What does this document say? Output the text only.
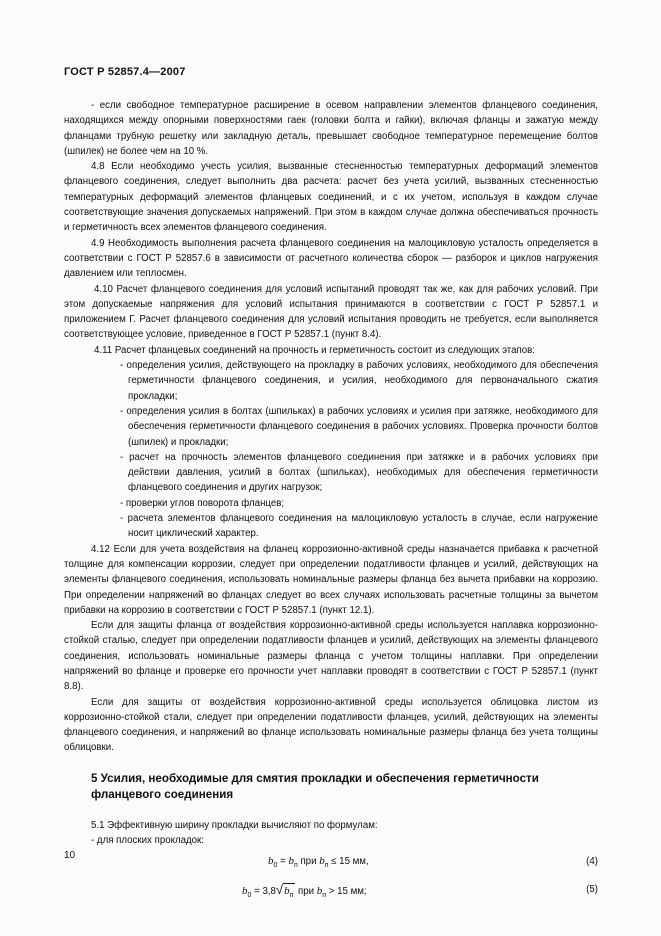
ГОСТ Р 52857.4—2007

- если свободное температурное расширение в осевом направлении элементов фланцевого соединения, находящихся между опорными поверхностями гаек (головки болта и гайки), включая фланцы и зажатую между фланцами трубную решетку или закладную деталь, превышает свободное температурное перемещение болтов (шпилек) не более чем на 10 %.

4.8 Если необходимо учесть усилия, вызванные стесненностью температурных деформаций элементов фланцевого соединения, следует выполнить два расчета: расчет без учета усилий, вызванных стесненностью температурных деформаций элементов фланцевых соединений, и с их учетом, используя в каждом случае соответствующие значения допускаемых напряжений. При этом в каждом случае должна обеспечиваться прочность и герметичность всех элементов фланцевого соединения.

4.9 Необходимость выполнения расчета фланцевого соединения на малоцикловую усталость определяется в соответствии с ГОСТ Р 52857.6 в зависимости от расчетного количества сборок — разборок и циклов нагружения давлением или теплосмен.

4.10 Расчет фланцевого соединения для условий испытаний проводят так же, как для рабочих условий. При этом допускаемые напряжения для условий испытания принимаются в соответствии с ГОСТ Р 52857.1 и приложением Г. Расчет фланцевого соединения для условий испытания проводить не требуется, если выполняется соответствующее условие, приведенное в ГОСТ Р 52857.1 (пункт 8.4).

4.11 Расчет фланцевых соединений на прочность и герметичность состоит из следующих этапов:

- определения усилия, действующего на прокладку в рабочих условиях, необходимого для обеспечения герметичности фланцевого соединения, и усилия, необходимого для первоначального сжатия прокладки;

- определения усилия в болтах (шпильках) в рабочих условиях и усилия при затяжке, необходимого для обеспечения герметичности фланцевого соединения в рабочих условиях. Проверка прочности болтов (шпилек) и прокладки;

- расчет на прочность элементов фланцевого соединения при затяжке и в рабочих условиях при действии давления, усилий в болтах (шпильках), необходимых для обеспечения герметичности фланцевого соединения и других нагрузок;

- проверки углов поворота фланцев;

- расчета элементов фланцевого соединения на малоцикловую усталость в случае, если нагружение носит циклический характер.

4.12 Если для учета воздействия на фланец коррозионно-активной среды назначается прибавка к расчетной толщине для компенсации коррозии, следует при определении податливости фланцев и усилий, действующих на элементы фланцевого соединения, использовать номинальные размеры фланца без вычета прибавки на коррозию. При определении напряжений во фланцах следует во всех случаях использовать расчетные толщины за вычетом прибавки на коррозию в соответствии с ГОСТ Р 52857.1 (пункт 12.1).

Если для защиты фланца от воздействия коррозионно-активной среды используется наплавка коррозионно-стойкой сталью, следует при определении податливости фланцев и усилий, действующих на элементы фланцевого соединения, использовать номинальные размеры фланца с учетом толщины наплавки. При определении напряжений во фланце и проверке его прочности учет наплавки проводят в соответствии с ГОСТ Р 52857.1 (пункт 8.8).

Если для защиты от воздействия коррозионно-активной среды используется облицовка листом из коррозионно-стойкой стали, следует при определении податливости фланцев, усилий, действующих на элементы фланцевого соединения, и напряжений во фланце использовать номинальные размеры фланца без учета толщины облицовки.

5 Усилия, необходимые для смятия прокладки и обеспечения герметичности фланцевого соединения

5.1 Эффективную ширину прокладки вычисляют по формулам:

- для плоских прокладок:

$b_0 = b_п$ при $b_п \le 15$ мм,	(4)
$b_0 = 3,8√b_п$ при $b_п > 15$ мм;	(5)
10
